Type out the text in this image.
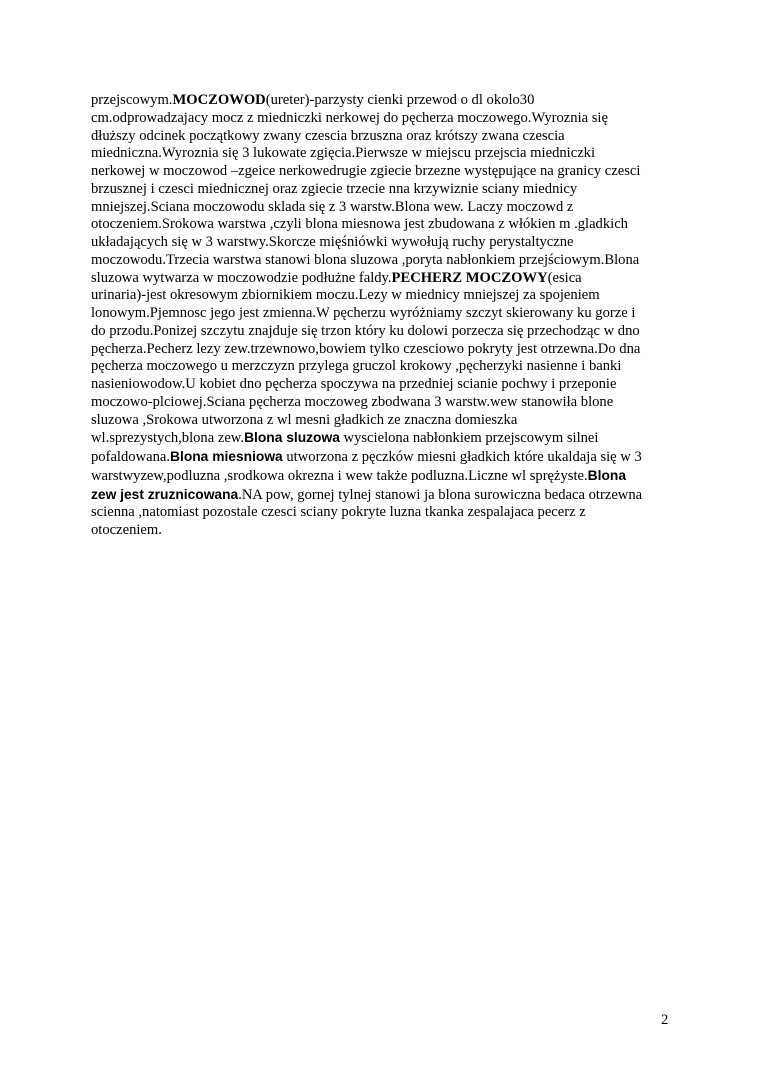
przejscowym.MOCZOWOD(ureter)-parzysty cienki przewod o dl okolo30
cm.odprowadzajacy mocz z miedniczki nerkowej do pęcherza moczowego.Wyroznia się
dłuższy odcinek początkowy zwany czescia brzuszna oraz krótszy zwana czescia
miedniczna.Wyroznia się 3 lukowate zgięcia.Pierwsze w miejscu przejscia miedniczki
nerkowej w moczowod –zgeice nerkowedrugie zgiecie brzezne występujące na granicy czesci
brzusznej i czesci miednicznej oraz zgiecie trzecie nna krzywiznie sciany miednicy
mniejszej.Sciana moczowodu sklada się z 3 warstw.Blona wew. Laczy moczowd z
otoczeniem.Srokowa warstwa ,czyli blona miesnowa jest zbudowana z włókien m .gladkich
układających się w 3 warstwy.Skorcze mięśniówki wywołują ruchy perystaltyczne
moczowodu.Trzecia warstwa stanowi blona sluzowa ,poryta nabłonkiem przejściowym.Blona
sluzowa wytwarza w moczowodzie podłużne faldy.PECHERZ MOCZOWY(esica
urinaria)-jest okresowym zbiornikiem moczu.Lezy w miednicy mniejszej za spojeniem
lonowym.Pjemnosc jego jest zmienna.W pęcherzu wyróżniamy szczyt skierowany ku gorze i
do przodu.Ponizej szczytu znajduje się trzon który ku dolowi porzecza się przechodząc w dno
pęcherza.Pecherz lezy zew.trzewnowo,bowiem tylko czesciowo pokryty jest otrzewna.Do dna
pęcherza moczowego u merzczyzn przylega gruczol krokowy ,pęcherzyki nasienne i banki
nasieniowodow.U kobiet dno pęcherza spoczywa na przedniej scianie pochwy i przeponie
moczowo-plciowej.Sciana pęcherza moczoweg zbodwana 3 warstw.wew stanowiła blone
sluzowa ,Srokowa utworzona z wl mesni gładkich ze znaczna domieszka
wl.sprezystych,blona zew.Blona sluzowa wyscielona nabłonkiem przejscowym silnei
pofaldowana.Blona miesniowa utworzona z pęczków miesni gładkich które ukaldaja się w 3
warstwyzew,podluzna ,srodkowa okrezna i wew także podluzna.Liczne wl sprężyste.Blona
zew jest zruznicowana.NA pow, gornej tylnej stanowi ja blona surowiczna bedaca otrzewna
scienna ,natomiast pozostale czesci sciany pokryte luzna tkanka zespalajaca pecerz z
otoczeniem.
2
